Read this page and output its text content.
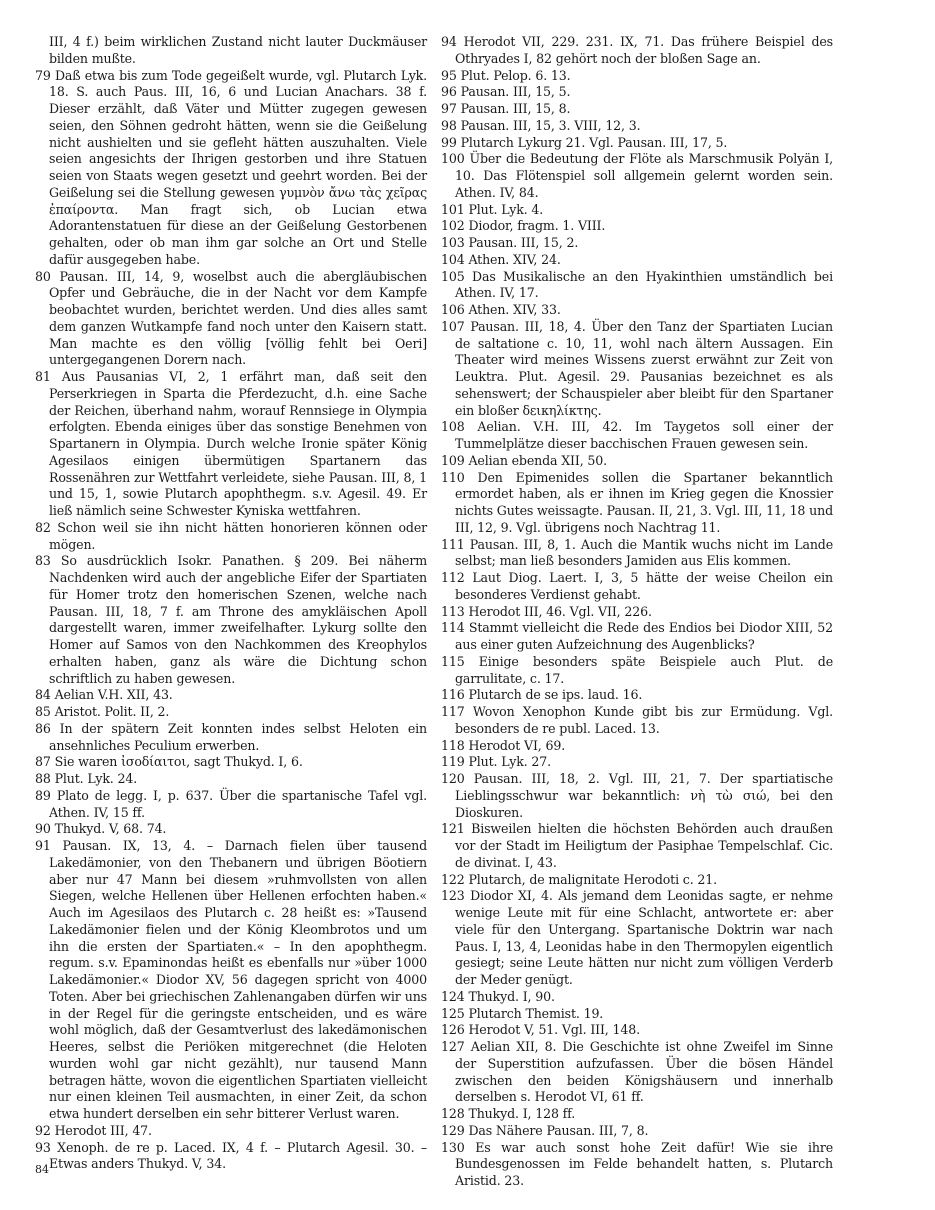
III, 4 f.) beim wirklichen Zustand nicht lauter Duckmäuser bilden mußte.

79 Daß etwa bis zum Tode gegeißelt wurde, vgl. Plutarch Lyk. 18. S. auch Paus. III, 16, 6 und Lucian Anachars. 38 f. Dieser erzählt, daß Väter und Mütter zugegen gewesen seien, den Söhnen gedroht hätten, wenn sie die Geißelung nicht aushielten und sie gefleht hätten auszuhalten. Viele seien angesichts der Ihrigen gestorben und ihre Statuen seien von Staats wegen gesetzt und geehrt worden. Bei der Geißelung sei die Stellung gewesen γυμνὸν ἄνω τὰς χεῖρας ἐπαίροντα. Man fragt sich, ob Lucian etwa Adorantenstatuen für diese an der Geißelung Gestorbenen gehalten, oder ob man ihm gar solche an Ort und Stelle dafür ausgegeben habe.

80 Pausan. III, 14, 9, woselbst auch die abergläubischen Opfer und Gebräuche, die in der Nacht vor dem Kampfe beobachtet wurden, berichtet werden. Und dies alles samt dem ganzen Wutkampfe fand noch unter den Kaisern statt. Man machte es den völlig [völlig fehlt bei Oeri] untergegangenen Dorern nach.

81 Aus Pausanias VI, 2, 1 erfährt man, daß seit den Perserkriegen in Sparta die Pferdezucht, d.h. eine Sache der Reichen, überhand nahm, worauf Rennsiege in Olympia erfolgten. Ebenda einiges über das sonstige Benehmen von Spartanern in Olympia. Durch welche Ironie später König Agesilaos einigen übermütigen Spartanern das Rossenähren zur Wettfahrt verleidete, siehe Pausan. III, 8, 1 und 15, 1, sowie Plutarch apophthegm. s.v. Agesil. 49. Er ließ nämlich seine Schwester Kyniska wettfahren.

82 Schon weil sie ihn nicht hätten honorieren können oder mögen.

83 So ausdrücklich Isokr. Panathen. § 209. Bei näherm Nachdenken wird auch der angebliche Eifer der Spartiaten für Homer trotz den homerischen Szenen, welche nach Pausan. III, 18, 7 f. am Throne des amykläischen Apoll dargestellt waren, immer zweifelhafter. Lykurg sollte den Homer auf Samos von den Nachkommen des Kreophylos erhalten haben, ganz als wäre die Dichtung schon schriftlich zu haben gewesen.

84 Aelian V.H. XII, 43.

85 Aristot. Polit. II, 2.

86 In der spätern Zeit konnten indes selbst Heloten ein ansehnliches Peculium erwerben.

87 Sie waren ἰσοδίαιτοι, sagt Thukyd. I, 6.

88 Plut. Lyk. 24.

89 Plato de legg. I, p. 637. Über die spartanische Tafel vgl. Athen. IV, 15 ff.

90 Thukyd. V, 68. 74.

91 Pausan. IX, 13, 4. – Darnach fielen über tausend Lakedämonier, von den Thebanern und übrigen Böotiern aber nur 47 Mann bei diesem »ruhmvollsten von allen Siegen, welche Hellenen über Hellenen erfochten haben.« Auch im Agesilaos des Plutarch c. 28 heißt es: »Tausend Lakedämonier fielen und der König Kleombrotos und um ihn die ersten der Spartiaten.« – In den apophthegm. regum. s.v. Epaminondas heißt es ebenfalls nur »über 1000 Lakedämonier.« Diodor XV, 56 dagegen spricht von 4000 Toten. Aber bei griechischen Zahlenangaben dürfen wir uns in der Regel für die geringste entscheiden, und es wäre wohl möglich, daß der Gesamtverlust des lakedämonischen Heeres, selbst die Periöken mitgerechnet (die Heloten wurden wohl gar nicht gezählt), nur tausend Mann betragen hätte, wovon die eigentlichen Spartiaten vielleicht nur einen kleinen Teil ausmachten, in einer Zeit, da schon etwa hundert derselben ein sehr bitterer Verlust waren.

92 Herodot III, 47.

93 Xenoph. de re p. Laced. IX, 4 f. – Plutarch Agesil. 30. – Etwas anders Thukyd. V, 34.

94 Herodot VII, 229. 231. IX, 71. Das frühere Beispiel des Othryades I, 82 gehört noch der bloßen Sage an.

95 Plut. Pelop. 6. 13.

96 Pausan. III, 15, 5.

97 Pausan. III, 15, 8.

98 Pausan. III, 15, 3. VIII, 12, 3.

99 Plutarch Lykurg 21. Vgl. Pausan. III, 17, 5.

100 Über die Bedeutung der Flöte als Marschmusik Polyän I, 10. Das Flötenspiel soll allgemein gelernt worden sein. Athen. IV, 84.

101 Plut. Lyk. 4.

102 Diodor, fragm. 1. VIII.

103 Pausan. III, 15, 2.

104 Athen. XIV, 24.

105 Das Musikalische an den Hyakinthien umständlich bei Athen. IV, 17.

106 Athen. XIV, 33.

107 Pausan. III, 18, 4. Über den Tanz der Spartiaten Lucian de saltatione c. 10, 11, wohl nach ältern Aussagen. Ein Theater wird meines Wissens zuerst erwähnt zur Zeit von Leuktra. Plut. Agesil. 29. Pausanias bezeichnet es als sehenswert; der Schauspieler aber bleibt für den Spartaner ein bloßer δεικηλίκτης.

108 Aelian. V.H. III, 42. Im Taygetos soll einer der Tummelplätze dieser bacchischen Frauen gewesen sein.

109 Aelian ebenda XII, 50.

110 Den Epimenides sollen die Spartaner bekanntlich ermordet haben, als er ihnen im Krieg gegen die Knossier nichts Gutes weissagte. Pausan. II, 21, 3. Vgl. III, 11, 18 und III, 12, 9. Vgl. übrigens noch Nachtrag 11.

111 Pausan. III, 8, 1. Auch die Mantik wuchs nicht im Lande selbst; man ließ besonders Jamiden aus Elis kommen.

112 Laut Diog. Laert. I, 3, 5 hätte der weise Cheilon ein besonderes Verdienst gehabt.

113 Herodot III, 46. Vgl. VII, 226.

114 Stammt vielleicht die Rede des Endios bei Diodor XIII, 52 aus einer guten Aufzeichnung des Augenblicks?

115 Einige besonders späte Beispiele auch Plut. de garrulitate, c. 17.

116 Plutarch de se ips. laud. 16.

117 Wovon Xenophon Kunde gibt bis zur Ermüdung. Vgl. besonders de re publ. Laced. 13.

118 Herodot VI, 69.

119 Plut. Lyk. 27.

120 Pausan. III, 18, 2. Vgl. III, 21, 7. Der spartiatische Lieblingsschwur war bekanntlich: νὴ τὼ σιώ, bei den Dioskuren.

121 Bisweilen hielten die höchsten Behörden auch draußen vor der Stadt im Heiligtum der Pasiphae Tempelschlaf. Cic. de divinat. I, 43.

122 Plutarch, de malignitate Herodoti c. 21.

123 Diodor XI, 4. Als jemand dem Leonidas sagte, er nehme wenige Leute mit für eine Schlacht, antwortete er: aber viele für den Untergang. Spartanische Doktrin war nach Paus. I, 13, 4, Leonidas habe in den Thermopylen eigentlich gesiegt; seine Leute hätten nur nicht zum völligen Verderb der Meder genügt.

124 Thukyd. I, 90.

125 Plutarch Themist. 19.

126 Herodot V, 51. Vgl. III, 148.

127 Aelian XII, 8. Die Geschichte ist ohne Zweifel im Sinne der Superstition aufzufassen. Über die bösen Händel zwischen den beiden Königshäusern und innerhalb derselben s. Herodot VI, 61 ff.

128 Thukyd. I, 128 ff.

129 Das Nähere Pausan. III, 7, 8.

130 Es war auch sonst hohe Zeit dafür! Wie sie ihre Bundesgenossen im Felde behandelt hatten, s. Plutarch Aristid. 23.

84
